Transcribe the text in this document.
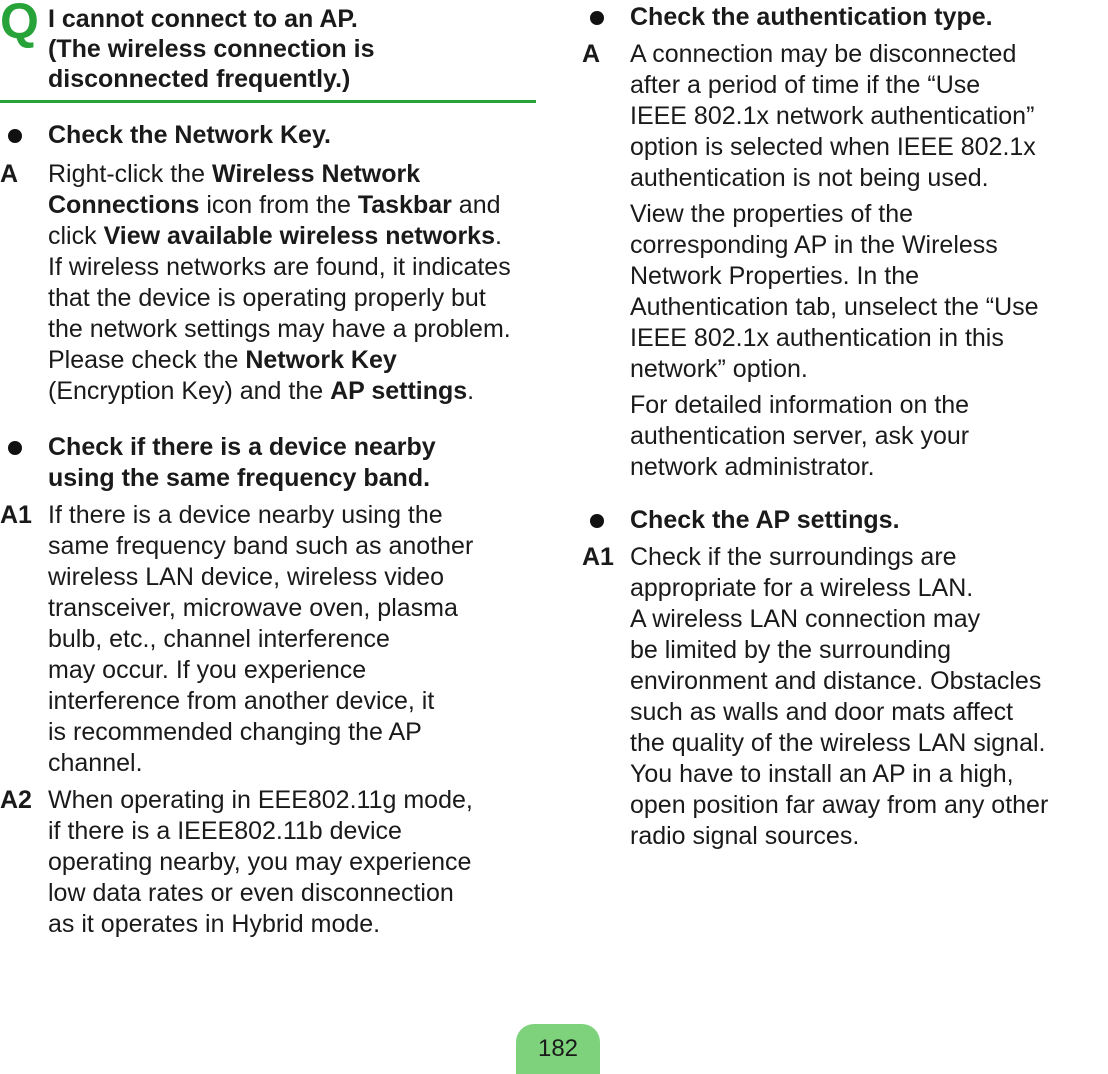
Q I cannot connect to an AP.
(The wireless connection is
disconnected frequently.)
Check the Network Key.
A Right-click the Wireless Network Connections icon from the Taskbar and click View available wireless networks. If wireless networks are found, it indicates that the device is operating properly but the network settings may have a problem. Please check the Network Key (Encryption Key) and the AP settings.
Check if there is a device nearby
using the same frequency band.
A1 If there is a device nearby using the
same frequency band such as another
wireless LAN device, wireless video
transceiver, microwave oven, plasma
bulb, etc., channel interference
may occur. If you experience
interference from another device, it
is recommended changing the AP
channel.
A2 When operating in EEE802.11g mode,
if there is a IEEE802.11b device
operating nearby, you may experience
low data rates or even disconnection
as it operates in Hybrid mode.
Check the authentication type.
A A connection may be disconnected
after a period of time if the “Use
IEEE 802.1x network authentication”
option is selected when IEEE 802.1x
authentication is not being used.
View the properties of the
corresponding AP in the Wireless
Network Properties. In the
Authentication tab, unselect the “Use
IEEE 802.1x authentication in this
network” option.
For detailed information on the
authentication server, ask your
network administrator.
Check the AP settings.
A1 Check if the surroundings are
appropriate for a wireless LAN.
A wireless LAN connection may
be limited by the surrounding
environment and distance. Obstacles
such as walls and door mats affect
the quality of the wireless LAN signal.
You have to install an AP in a high,
open position far away from any other
radio signal sources.
182
